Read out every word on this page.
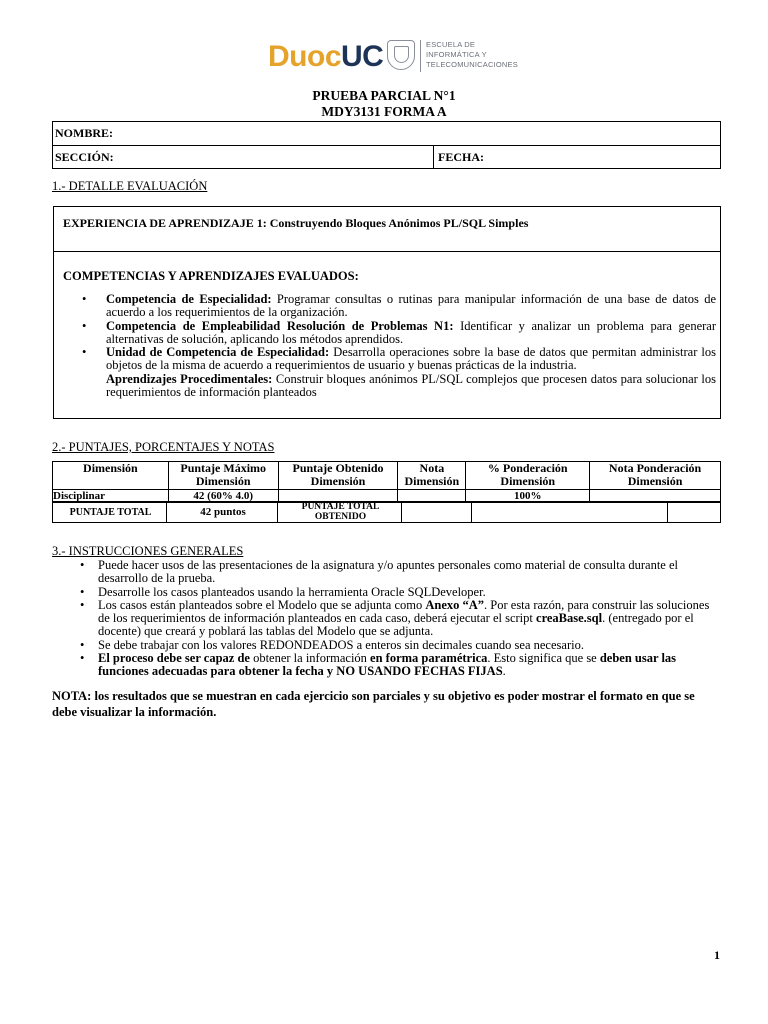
DuocUC	ESCUELA DE
INFORMÁTICA Y
TELECOMUNICACIONES
PRUEBA PARCIAL N°1
MDY3131 FORMA A
NOMBRE:
SECCIÓN:	FECHA:
1.- DETALLE EVALUACIÓN
EXPERIENCIA DE APRENDIZAJE 1: Construyendo Bloques Anónimos PL/SQL Simples
COMPETENCIAS Y APRENDIZAJES EVALUADOS:
• Competencia de Especialidad: Programar consultas o rutinas para manipular información de una base de datos de acuerdo a los requerimientos de la organización.
• Competencia de Empleabilidad Resolución de Problemas N1: Identificar y analizar un problema para generar alternativas de solución, aplicando los métodos aprendidos.
• Unidad de Competencia de Especialidad: Desarrolla operaciones sobre la base de datos que permitan administrar los objetos de la misma de acuerdo a requerimientos de usuario y buenas prácticas de la industria.
Aprendizajes Procedimentales: Construir bloques anónimos PL/SQL complejos que procesen datos para solucionar los requerimientos de información planteados
2.- PUNTAJES, PORCENTAJES Y NOTAS
Dimensión	Puntaje Máximo Dimensión	Puntaje Obtenido Dimensión	Nota Dimensión	% Ponderación Dimensión	Nota Ponderación Dimensión
Disciplinar	42 (60% 4.0)			100%	
PUNTAJE TOTAL	42 puntos	PUNTAJE TOTAL OBTENIDO
3.- INSTRUCCIONES GENERALES
• Puede hacer usos de las presentaciones de la asignatura y/o apuntes personales como material de consulta durante el desarrollo de la prueba.
• Desarrolle los casos planteados usando la herramienta Oracle SQLDeveloper.
• Los casos están planteados sobre el Modelo que se adjunta como Anexo “A”. Por esta razón, para construir las soluciones de los requerimientos de información planteados en cada caso, deberá ejecutar el script creaBase.sql. (entregado por el docente) que creará y poblará las tablas del Modelo que se adjunta.
• Se debe trabajar con los valores REDONDEADOS a enteros sin decimales cuando sea necesario.
• El proceso debe ser capaz de obtener la información en forma paramétrica. Esto significa que se deben usar las funciones adecuadas para obtener la fecha y NO USANDO FECHAS FIJAS.
NOTA: los resultados que se muestran en cada ejercicio son parciales y su objetivo es poder mostrar el formato en que se debe visualizar la información.
1
